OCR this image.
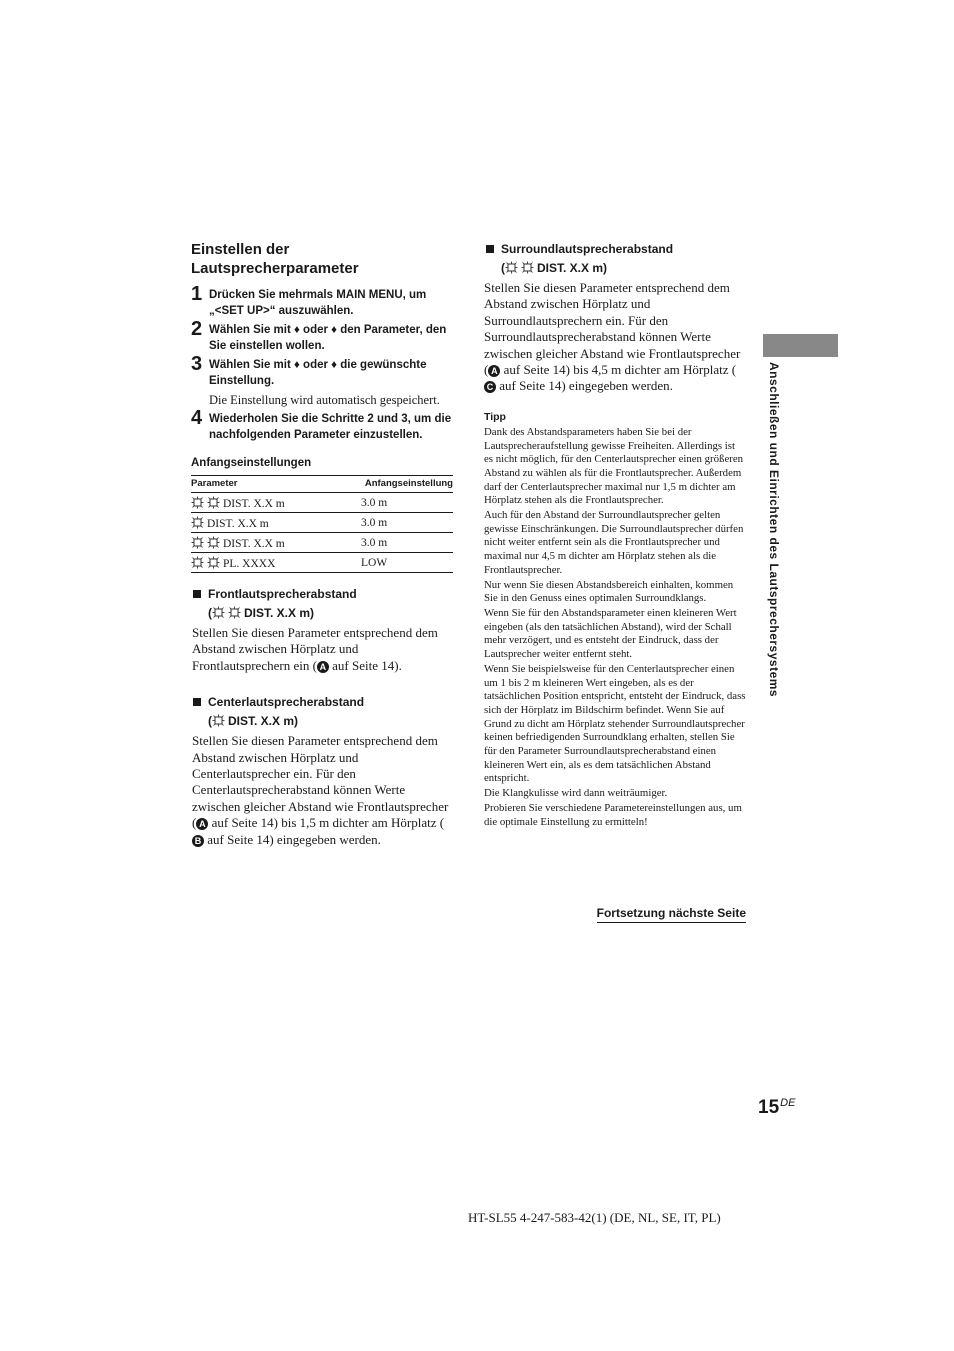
Einstellen der Lautsprecherparameter
1 Drücken Sie mehrmals MAIN MENU, um „<SET UP>“ auszuwählen.
2 Wählen Sie mit ♦ oder ♦ den Parameter, den Sie einstellen wollen.
3 Wählen Sie mit ♦ oder ♦ die gewünschte Einstellung.
Die Einstellung wird automatisch gespeichert.
4 Wiederholen Sie die Schritte 2 und 3, um die nachfolgenden Parameter einzustellen.
Anfangseinstellungen
Parameter	Anfangseinstellung
DIST. X.X m	3.0 m
DIST. X.X m	3.0 m
DIST. X.X m	3.0 m
PL. XXXX	LOW
Frontlautsprecherabstand
(	DIST. X.X m)

Stellen Sie diesen Parameter entsprechend dem Abstand zwischen Hörplatz und Frontlautsprechern ein ( A auf Seite 14).

Centerlautsprecherabstand
( DIST. X.X m)

Stellen Sie diesen Parameter entsprechend dem Abstand zwischen Hörplatz und Centerlautsprecher ein. Für den Centerlautsprecherabstand können Werte zwischen gleicher Abstand wie Frontlautsprecher ( A auf Seite 14) bis 1,5 m dichter am Hörplatz (B auf Seite 14) eingegeben werden.

Surroundlautsprecherabstand
(	DIST. X.X m)

Stellen Sie diesen Parameter entsprechend dem Abstand zwischen Hörplatz und Surroundlautsprechern ein. Für den Surroundlautsprecherabstand können Werte zwischen gleicher Abstand wie Frontlautsprecher ( A auf Seite 14) bis 4,5 m dichter am Hörplatz (C auf Seite 14) eingegeben werden.

Tipp

Dank des Abstandsparameters haben Sie bei der Lautsprecheraufstellung gewisse Freiheiten. Allerdings ist es nicht möglich, für den Centerlautsprecher einen größeren Abstand zu wählen als für die Frontlautsprecher. Außerdem darf der Centerlautsprecher maximal nur 1,5 m dichter am Hörplatz stehen als die Frontlautsprecher.

Auch für den Abstand der Surroundlautsprecher gelten gewisse Einschränkungen. Die Surroundlautsprecher dürfen nicht weiter entfernt sein als die Frontlautsprecher und maximal nur 4,5 m dichter am Hörplatz stehen als die Frontlautsprecher.

Nur wenn Sie diesen Abstandsbereich einhalten, kommen Sie in den Genuss eines optimalen Surroundklangs.

Wenn Sie für den Abstandsparameter einen kleineren Wert eingeben (als den tatsächlichen Abstand), wird der Schall mehr verzögert, und es entsteht der Eindruck, dass der Lautsprecher weiter entfernt steht.

Wenn Sie beispielsweise für den Centerlautsprecher einen um 1 bis 2 m kleineren Wert eingeben, als es der tatsächlichen Position entspricht, entsteht der Eindruck, dass sich der Hörplatz im Bildschirm befindet. Wenn Sie auf Grund zu dicht am Hörplatz stehender Surroundlautsprecher keinen befriedigenden Surroundklang erhalten, stellen Sie für den Parameter Surroundlautsprecherabstand einen kleineren Wert ein, als es dem tatsächlichen Abstand entspricht.

Die Klangkulisse wird dann weiträumiger.

Probieren Sie verschiedene Parametereinstellungen aus, um die optimale Einstellung zu ermitteln!

Fortsetzung nächste Seite
Anschließen und Einrichten des Lautsprechersystems
15DE
HT-SL55 4-247-583-42(1) (DE, NL, SE, IT, PL)
